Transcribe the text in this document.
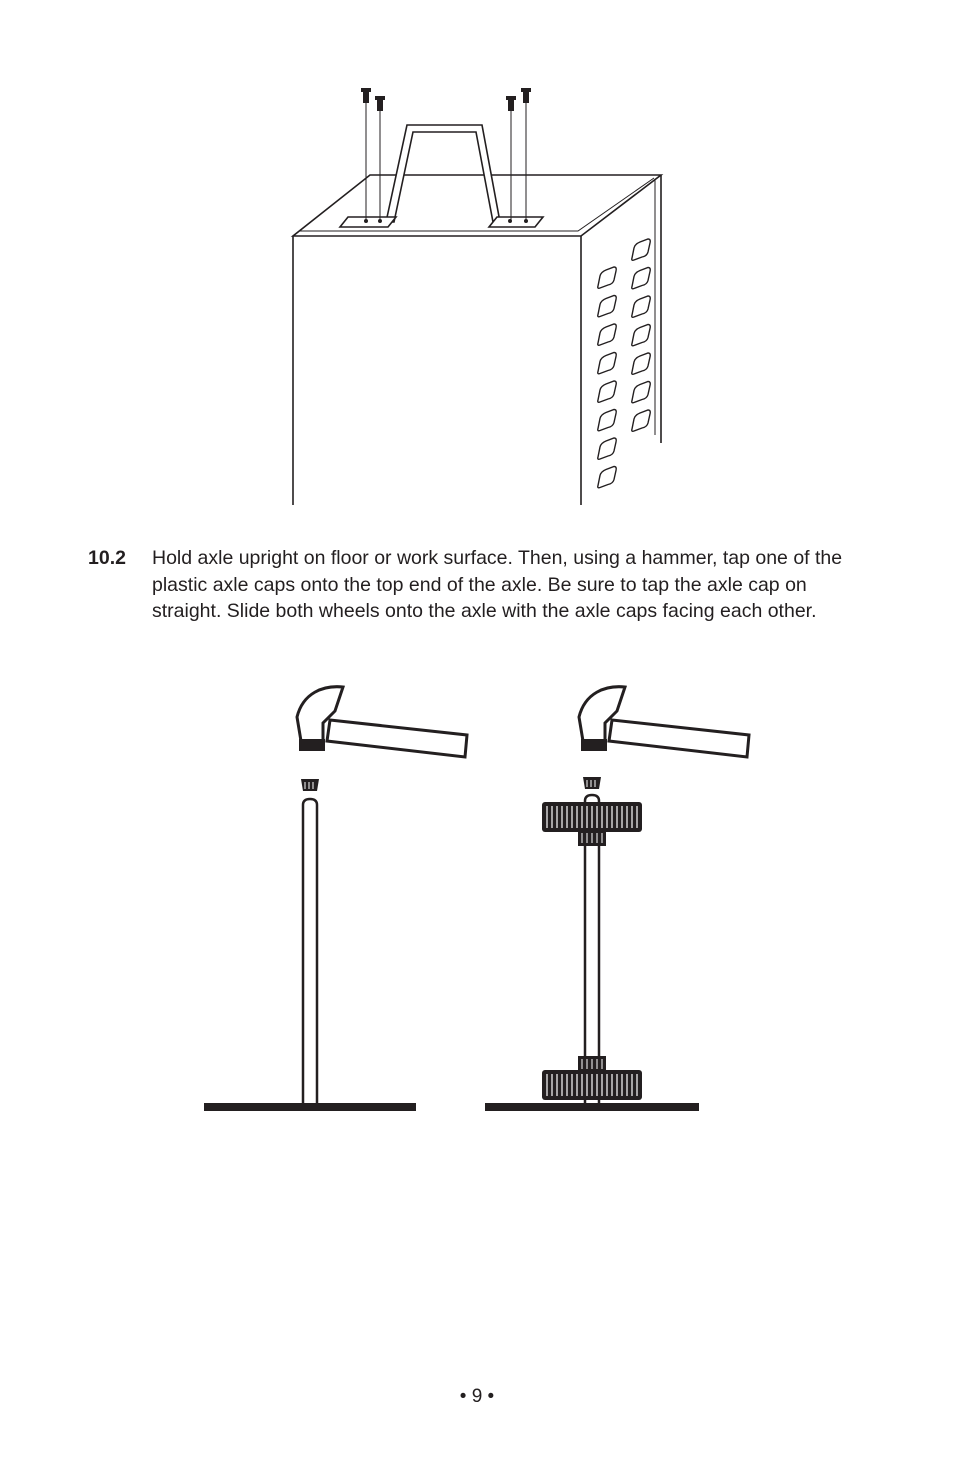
10.2 Hold axle upright on floor or work surface. Then, using a hammer, tap one of the plastic axle caps onto the top end of the axle. Be sure to tap the axle cap on straight. Slide both wheels onto the axle with the axle caps facing each other.
• 9 •
